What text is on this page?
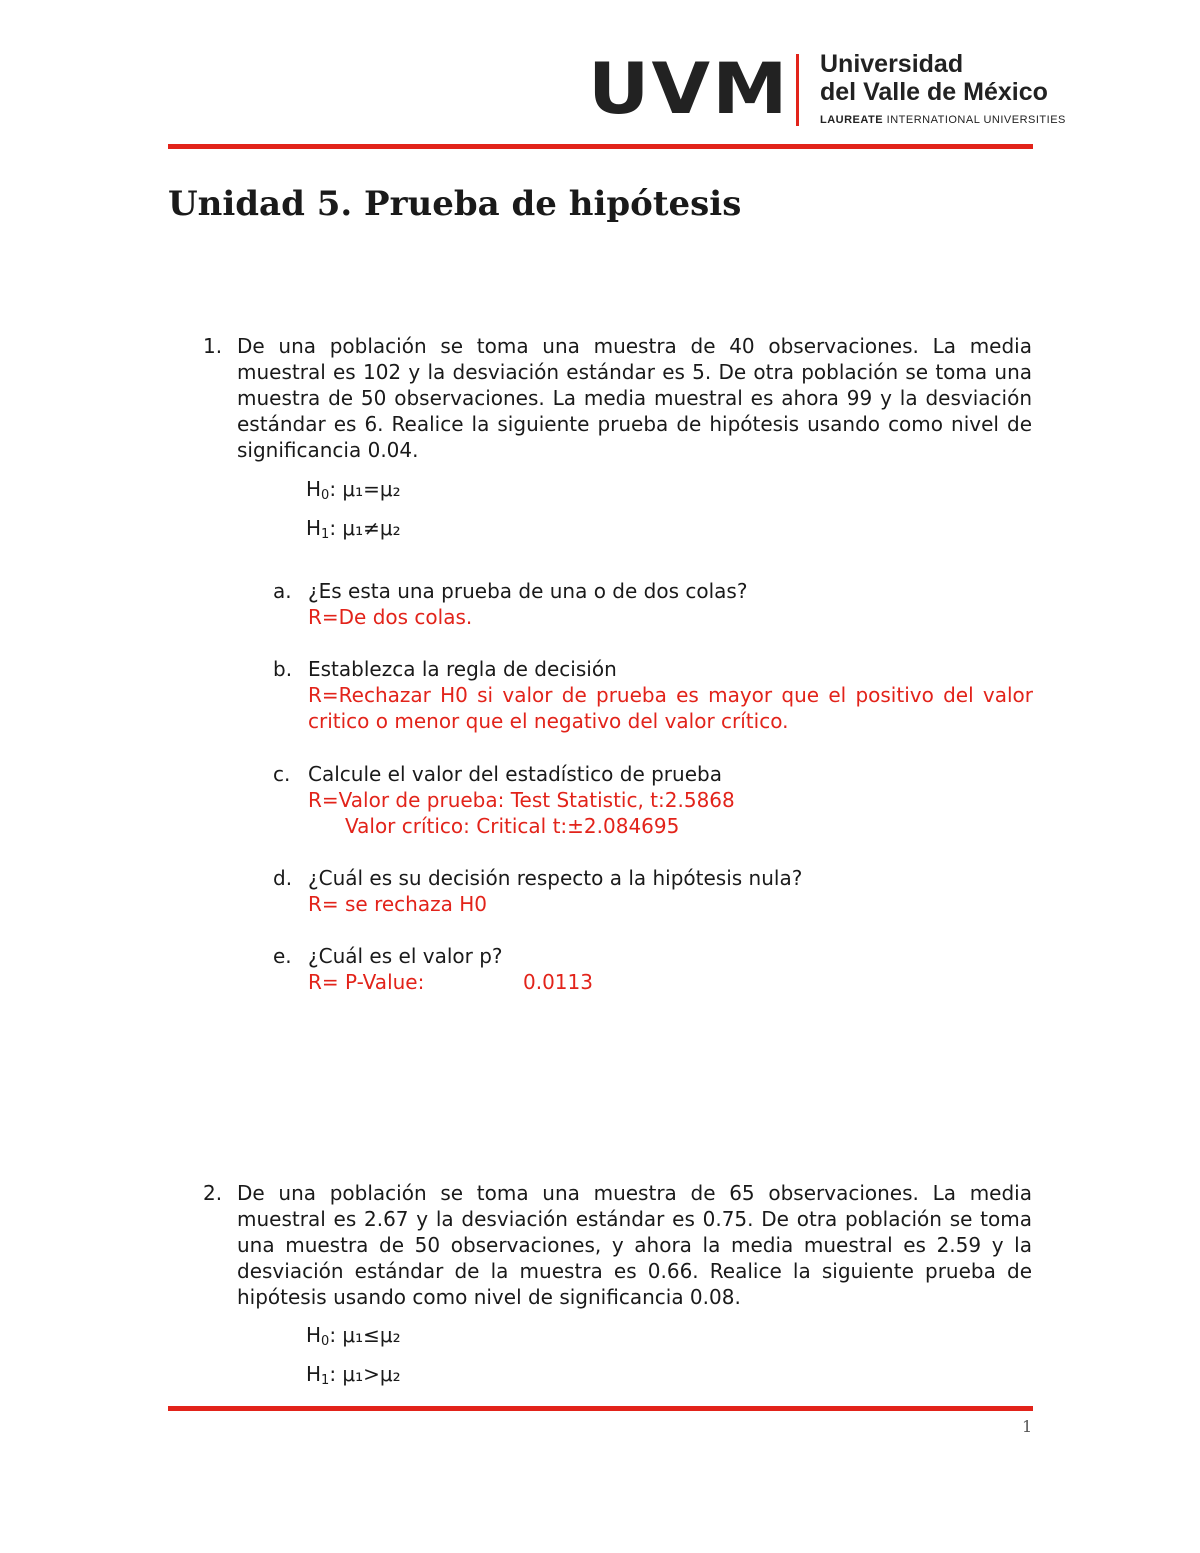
UVM Universidad
del Valle de México
LAUREATE INTERNATIONAL UNIVERSITIES
Unidad 5. Prueba de hipótesis
1. De una población se toma una muestra de 40 observaciones. La media muestral es 102 y la desviación estándar es 5. De otra población se toma una muestra de 50 observaciones. La media muestral es ahora 99 y la desviación estándar es 6. Realice la siguiente prueba de hipótesis usando como nivel de significancia 0.04.
$H_0$: μ₁=μ₂
$H_1$: μ₁≠μ₂
a. ¿Es esta una prueba de una o de dos colas?
R=De dos colas.
b. Establezca la regla de decisión
R=Rechazar H0 si valor de prueba es mayor que el positivo del valor critico o menor que el negativo del valor crítico.
c. Calcule el valor del estadístico de prueba
R=Valor de prueba: Test Statistic, t:2.5868
Valor crítico: Critical t:±2.084695
d. ¿Cuál es su decisión respecto a la hipótesis nula?
R= se rechaza H0
e. ¿Cuál es el valor p?
R= P-Value:	0.0113
2. De una población se toma una muestra de 65 observaciones. La media muestral es 2.67 y la desviación estándar es 0.75. De otra población se toma una muestra de 50 observaciones, y ahora la media muestral es 2.59 y la desviación estándar de la muestra es 0.66. Realice la siguiente prueba de hipótesis usando como nivel de significancia 0.08.
$H_0$: μ₁≤μ₂
$H_1$: μ₁>μ₂
1
